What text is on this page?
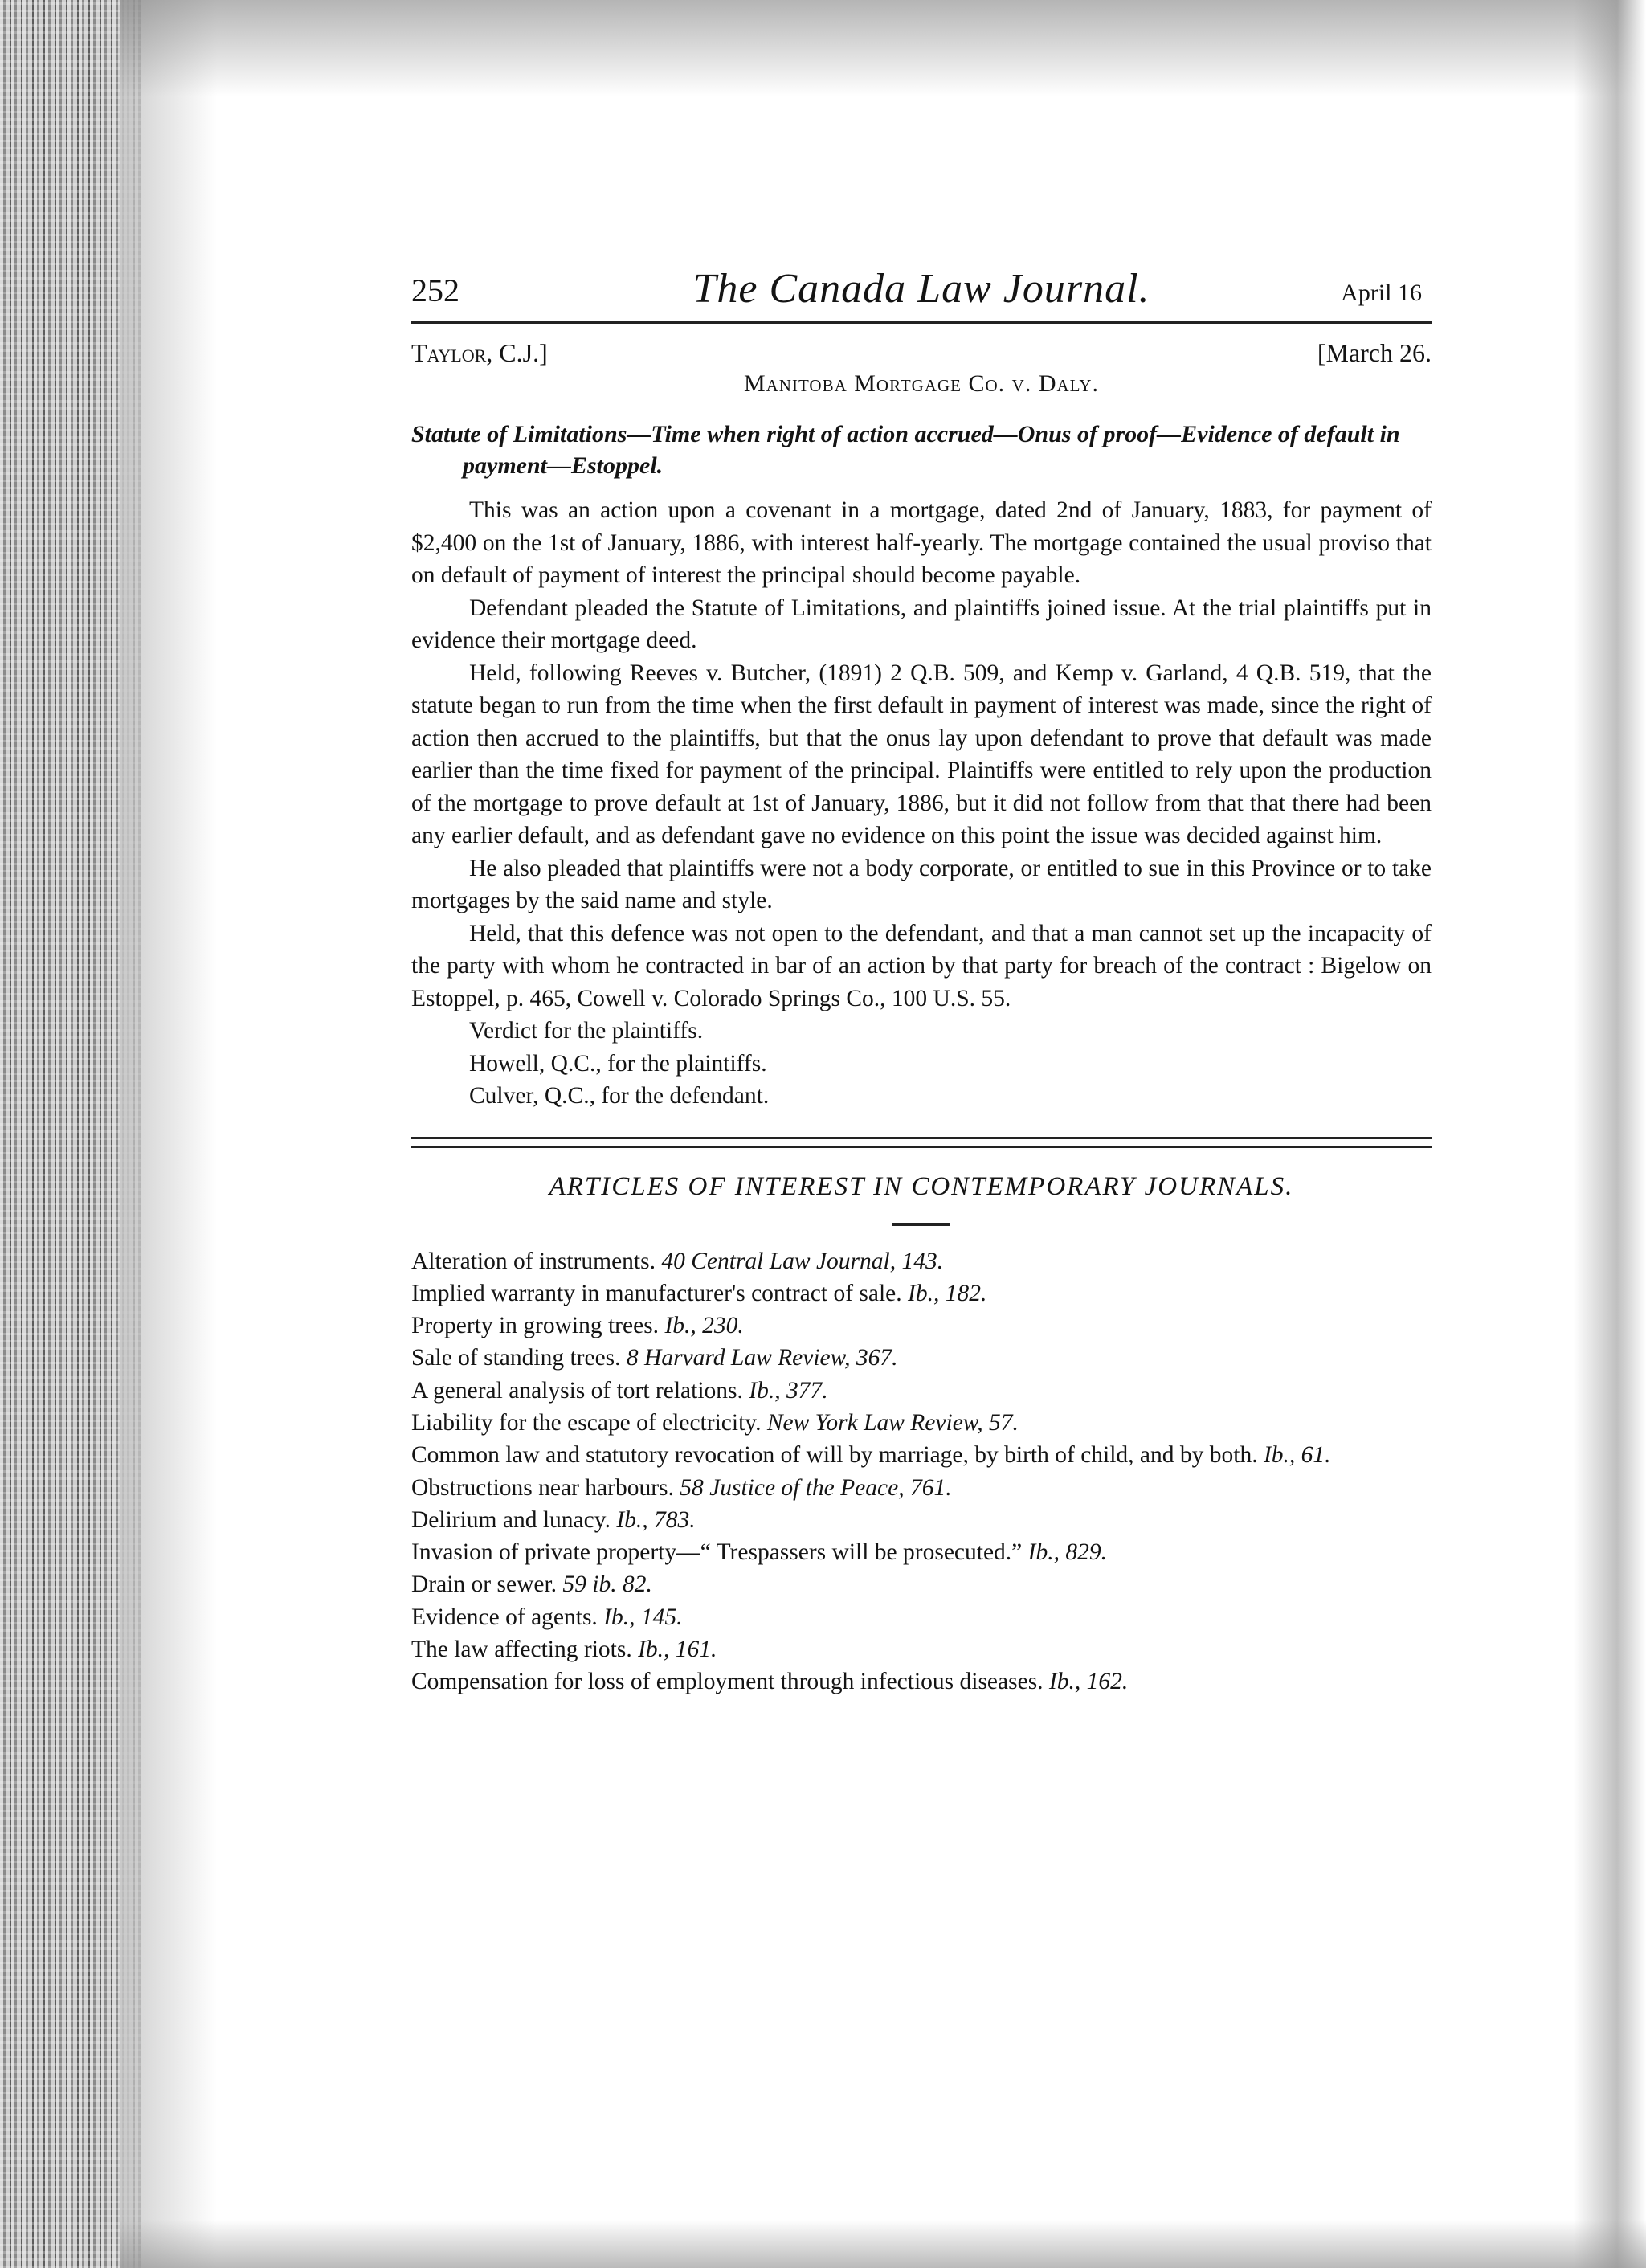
252	The Canada Law Journal.	April 16
Taylor, C.J.]	[March 26.
Manitoba Mortgage Co. v. Daly.
Statute of Limitations—Time when right of action accrued—Onus of proof—Evidence of default in payment—Estoppel.

This was an action upon a covenant in a mortgage, dated 2nd of January, 1883, for payment of $2,400 on the 1st of January, 1886, with interest half-yearly. The mortgage contained the usual proviso that on default of payment of interest the principal should become payable.

Defendant pleaded the Statute of Limitations, and plaintiffs joined issue. At the trial plaintiffs put in evidence their mortgage deed.

Held, following Reeves v. Butcher, (1891) 2 Q.B. 509, and Kemp v. Garland, 4 Q.B. 519, that the statute began to run from the time when the first default in payment of interest was made, since the right of action then accrued to the plaintiffs, but that the onus lay upon defendant to prove that default was made earlier than the time fixed for payment of the principal. Plaintiffs were entitled to rely upon the production of the mortgage to prove default at 1st of January, 1886, but it did not follow from that that there had been any earlier default, and as defendant gave no evidence on this point the issue was decided against him.

He also pleaded that plaintiffs were not a body corporate, or entitled to sue in this Province or to take mortgages by the said name and style.

Held, that this defence was not open to the defendant, and that a man cannot set up the incapacity of the party with whom he contracted in bar of an action by that party for breach of the contract : Bigelow on Estoppel, p. 465, Cowell v. Colorado Springs Co., 100 U.S. 55.

Verdict for the plaintiffs.

Howell, Q.C., for the plaintiffs.

Culver, Q.C., for the defendant.

ARTICLES OF INTEREST IN CONTEMPORARY JOURNALS.
Alteration of instruments. 40 Central Law Journal, 143.
Implied warranty in manufacturer's contract of sale. Ib., 182.
Property in growing trees. Ib., 230.
Sale of standing trees. 8 Harvard Law Review, 367.
A general analysis of tort relations. Ib., 377.
Liability for the escape of electricity. New York Law Review, 57.
Common law and statutory revocation of will by marriage, by birth of child, and by both. Ib., 61.
Obstructions near harbours. 58 Justice of the Peace, 761.
Delirium and lunacy. Ib., 783.
Invasion of private property—“ Trespassers will be prosecuted.” Ib., 829.
Drain or sewer. 59 ib. 82.
Evidence of agents. Ib., 145.
The law affecting riots. Ib., 161.
Compensation for loss of employment through infectious diseases. Ib., 162.
